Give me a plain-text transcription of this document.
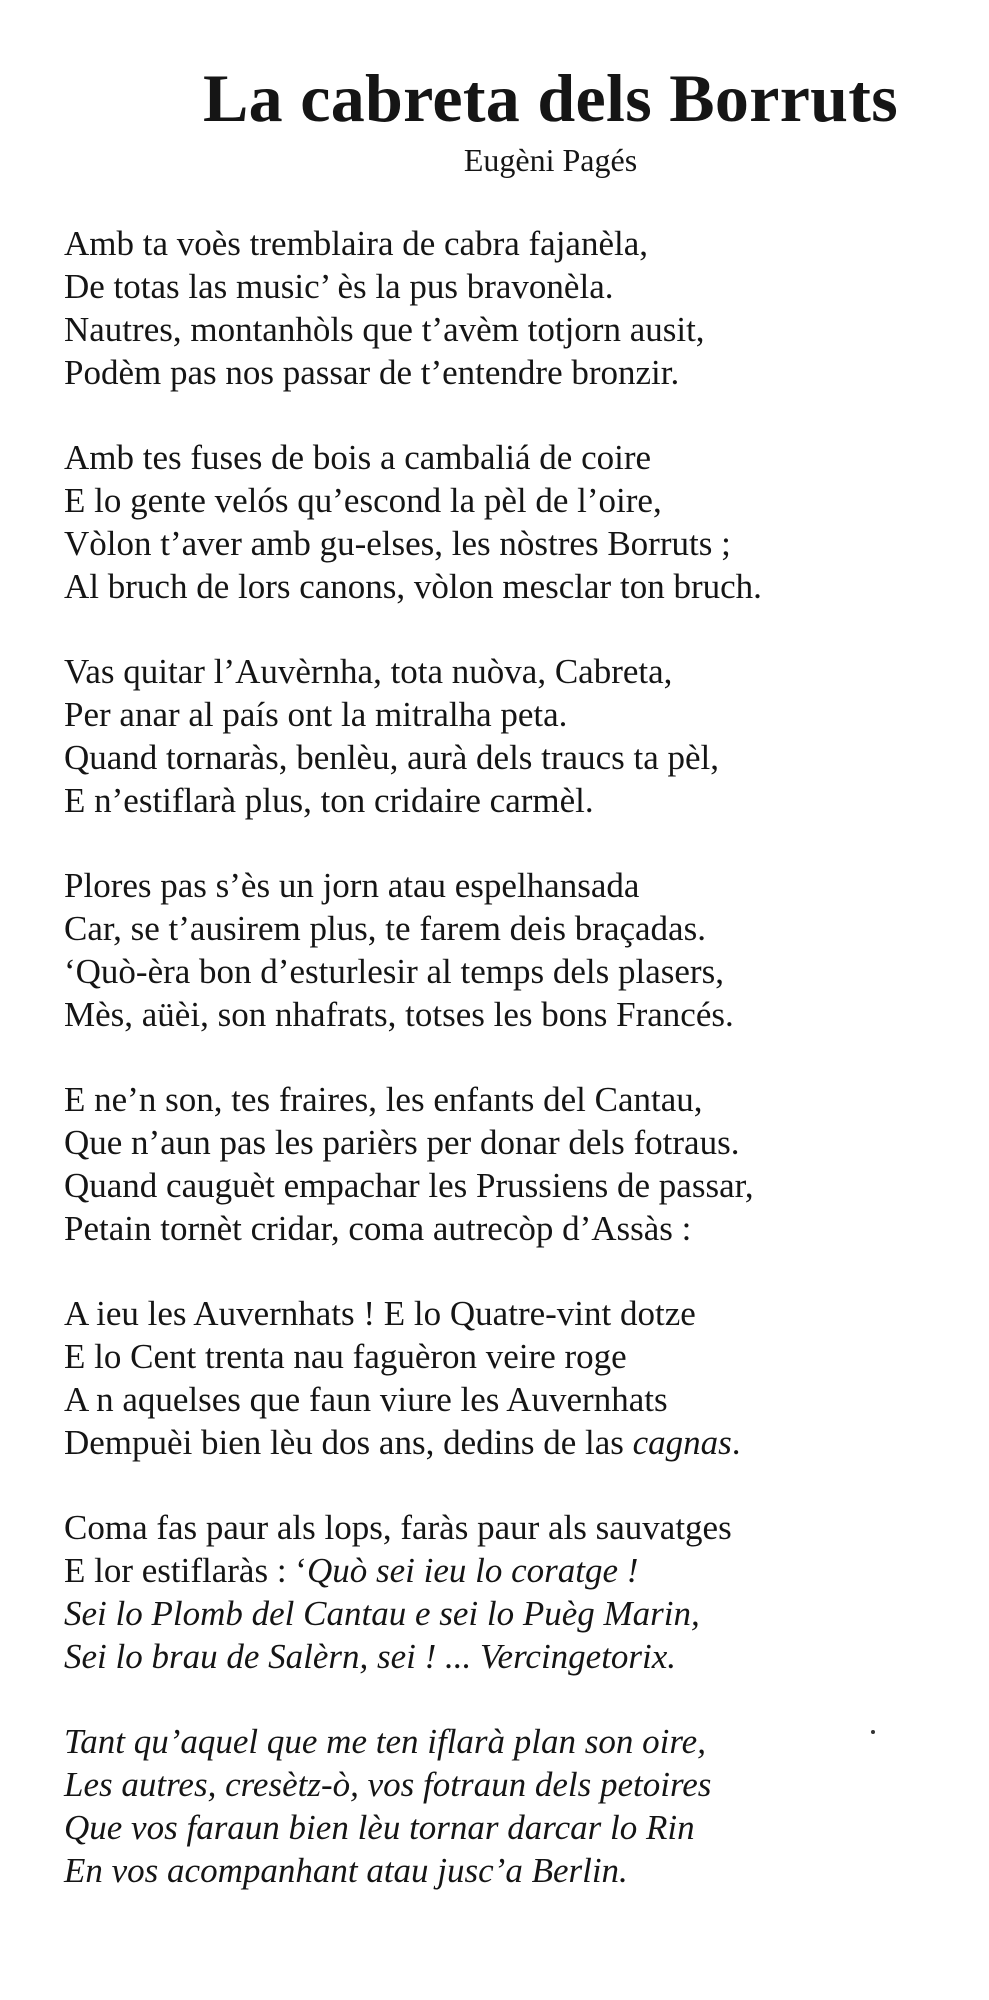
La cabreta dels Borruts
Eugèni Pagés
Amb ta voès tremblaira de cabra fajanèla,
De totas las music’ ès la pus bravonèla.
Nautres, montanhòls que t’avèm totjorn ausit,
Podèm pas nos passar de t’entendre bronzir.
Amb tes fuses de bois a cambaliá de coire
E lo gente velós qu’escond la pèl de l’oire,
Vòlon t’aver amb gu-elses, les nòstres Borruts ;
Al bruch de lors canons, vòlon mesclar ton bruch.
Vas quitar l’Auvèrnha, tota nuòva, Cabreta,
Per anar al país ont la mitralha peta.
Quand tornaràs, benlèu, aurà dels traucs ta pèl,
E n’estiflarà plus, ton cridaire carmèl.
Plores pas s’ès un jorn atau espelhansada
Car, se t’ausirem plus, te farem deis braçadas.
‘Quò-èra bon d’esturlesir al temps dels plasers,
Mès, aüèi, son nhafrats, totses les bons Francés.
E ne’n son, tes fraires, les enfants del Cantau,
Que n’aun pas les parièrs per donar dels fotraus.
Quand cauguèt empachar les Prussiens de passar,
Petain tornèt cridar, coma autrecòp d’Assàs :
A ieu les Auvernhats ! E lo Quatre-vint dotze
E lo Cent trenta nau faguèron veire roge
A n aquelses que faun viure les Auvernhats
Dempuèi bien lèu dos ans, dedins de las cagnas.
Coma fas paur als lops, faràs paur als sauvatges
E lor estiflaràs : ‘Quò sei ieu lo coratge !
Sei lo Plomb del Cantau e sei lo Puèg Marin,
Sei lo brau de Salèrn, sei ! ... Vercingetorix.
Tant qu’aquel que me ten iflarà plan son oire,
Les autres, cresètz-ò, vos fotraun dels petoires
Que vos faraun bien lèu tornar darcar lo Rin
En vos acompanhant atau jusc’a Berlin.
